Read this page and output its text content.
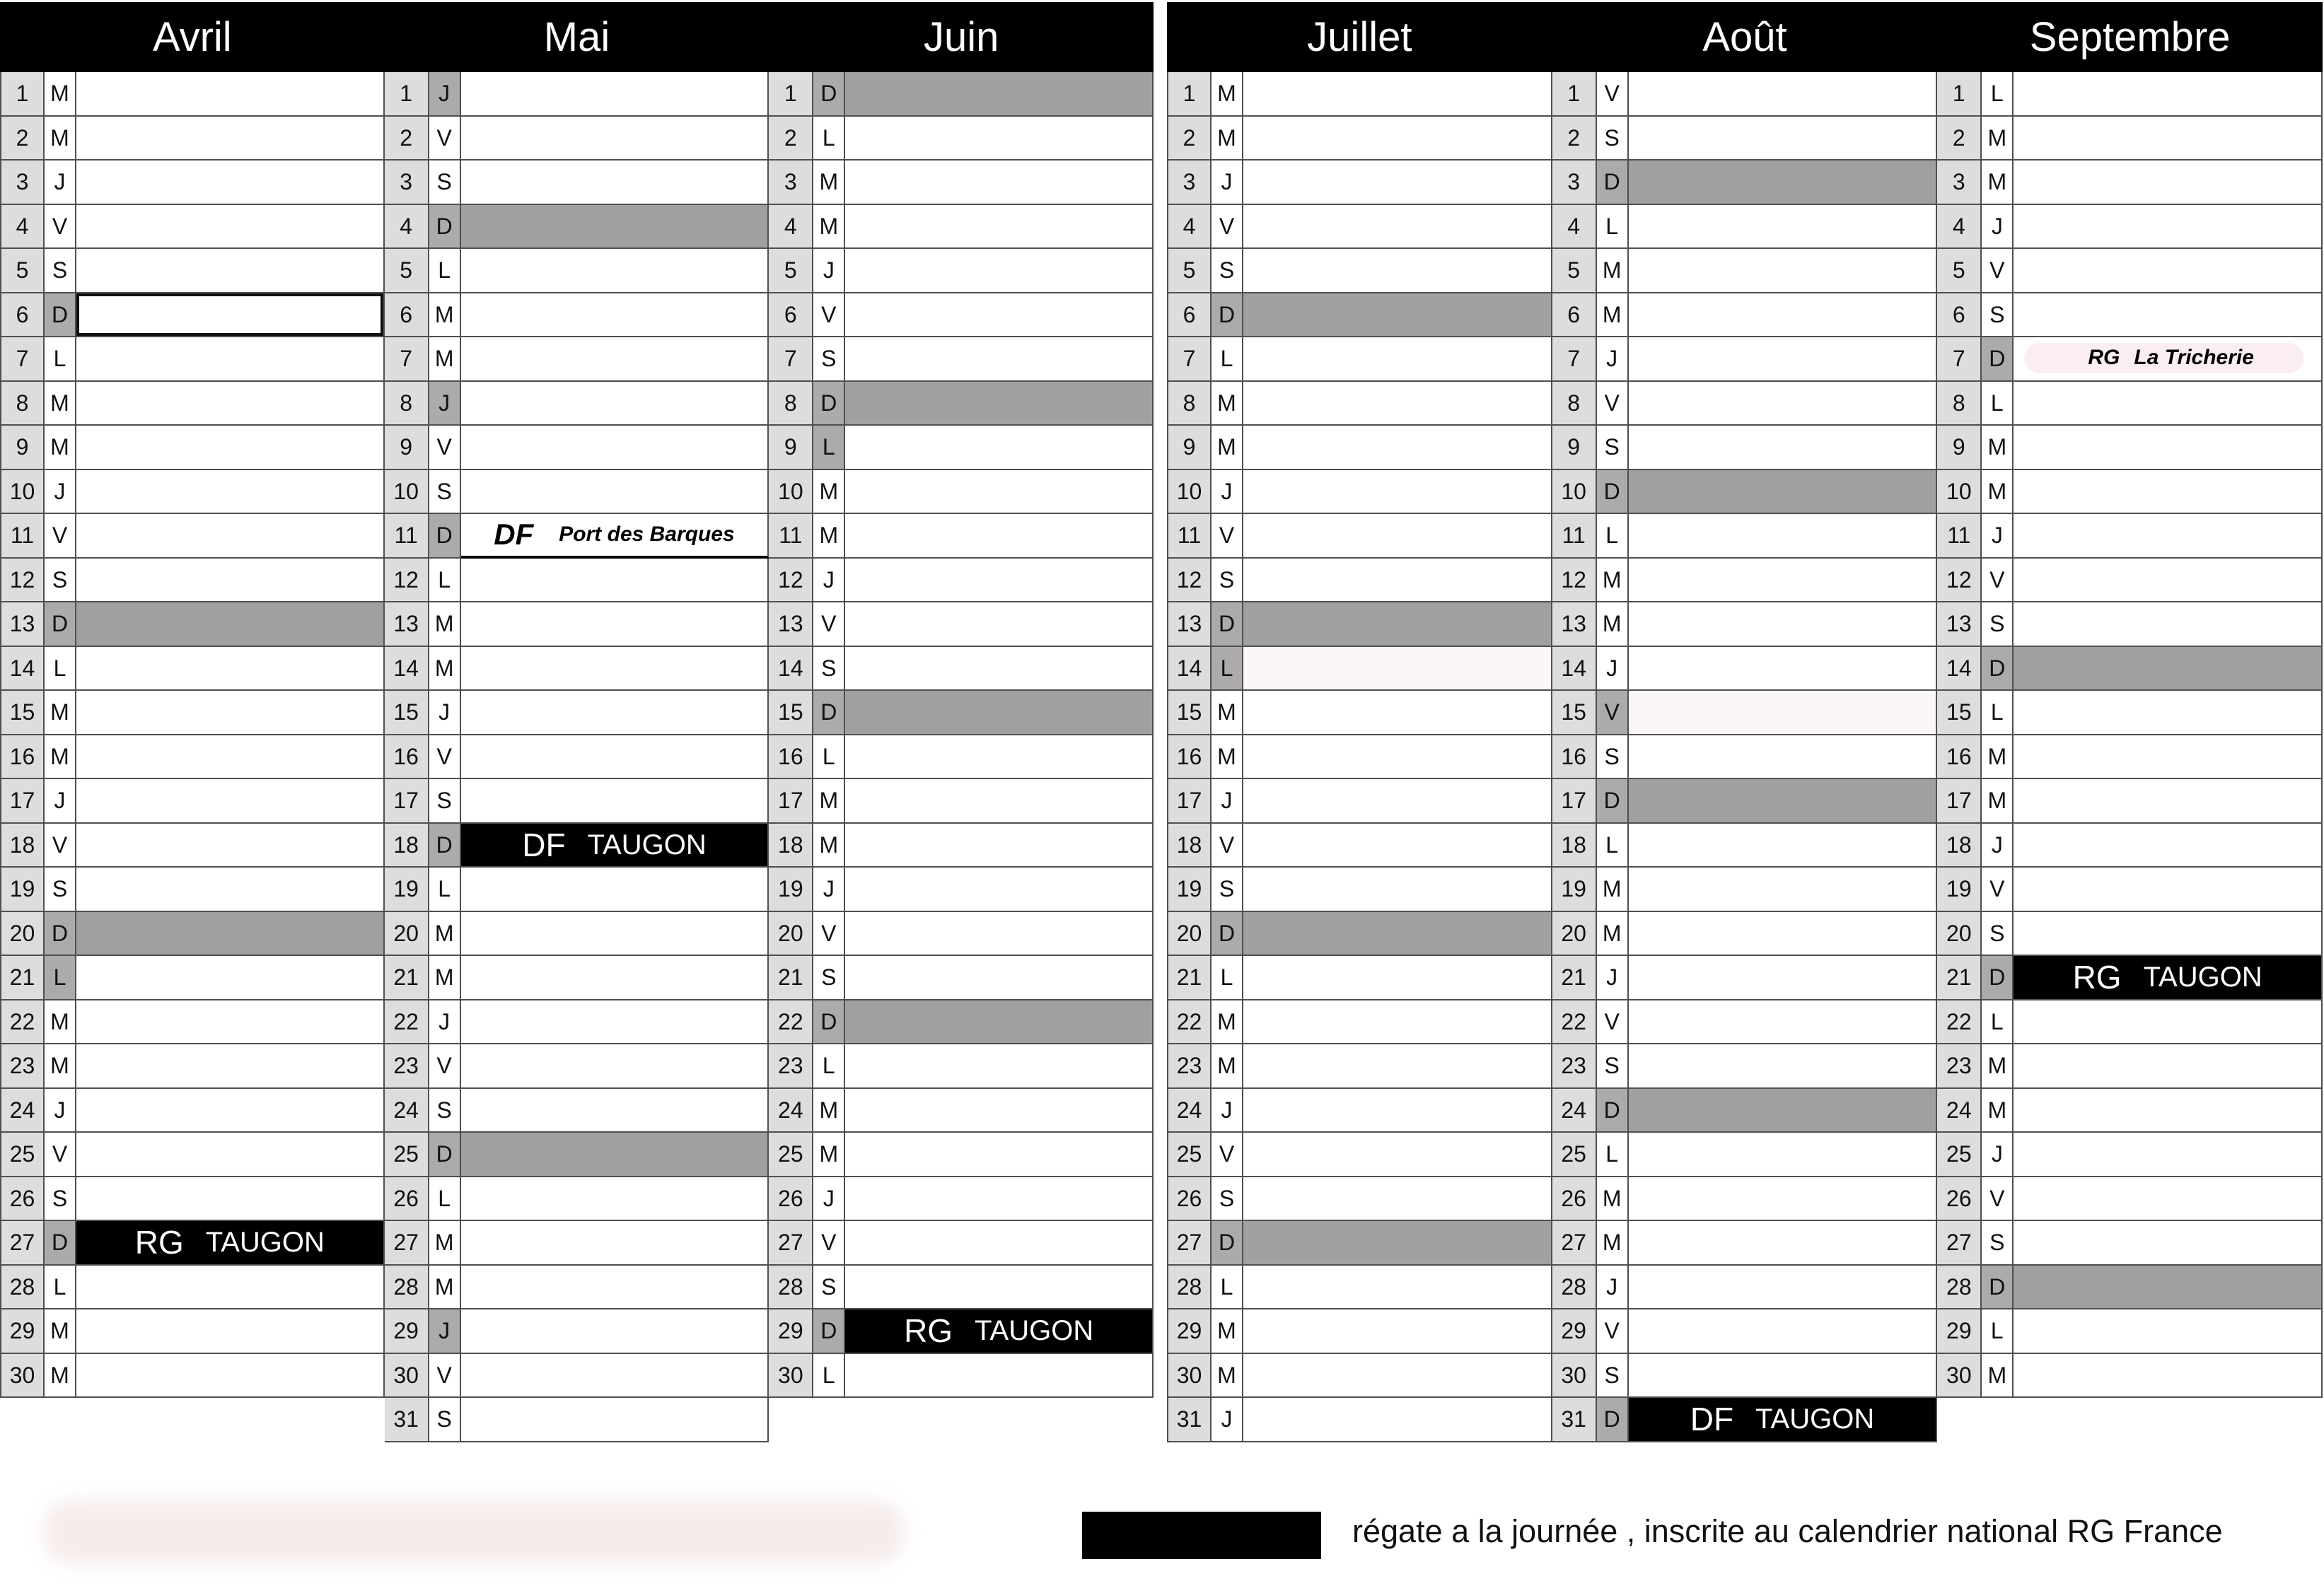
Avril	Mai	Juin
1 M
2 M
3	J
4	V
5	S
6	D
7	L
8 M
9 M
10 J
11 V
12 S
13 D
14 L
15 M
16 M
17 J
18 V
19 S
20 D
21 L
22 M
23 M
24 J
25 V
26 S
27 D RG TAUGON
28 L
29 M
30 M
1	J
2	V
3	S
4	D
5	L
6 M
7 M
8	J
9	V
10 S
11 D DF Port des Barques
12 L
13 M
14 M
15 J
16 V
17 S
18 D DF TAUGON
19 L
20 M
21 M
22 J
23 V
24 S
25 D
26 L
27 M
28 M
29 J
30 V
31 S
1	D
2	L
3 M
4 M
5	J
6	V
7	S
8	D
9	L
10 M
11 M
12 J
13 V
14 S
15 D
16 L
17 M
18 M
19 J
20 V
21 S
22 D
23 L
24 M
25 M
26 J
27 V
28 S
29 D RG TAUGON
30 L
Juillet	Août	Septembre
1 M
2 M
3	J
4	V
5	S
6	D
7	L
8 M
9 M
10 J
11 V
12 S
13 D
14 L
15 M
16 M
17 J
18 V
19 S
20 D
21 L
22 M
23 M
24 J
25 V
26 S
27 D
28 L
29 M
30 M
31 J
1	V
2	S
3	D
4	L
5 M
6 M
7	J
8	V
9	S
10 D
11 L
12 M
13 M
14 J
15 V
16 S
17 D
18 L
19 M
20 M
21 J
22 V
23 S
24 D
25 L
26 M
27 M
28 J
29 V
30 S
31 D DF TAUGON
1	L
2 M
3 M
4	J
5	V
6	S
7	D	RG La Tricherie
8	L
9 M
10 M
11 J
12 V
13 S
14 D
15 L
16 M
17 M
18 J
19 V
20 S
21 D RG TAUGON
22 L
23 M
24 M
25 J
26 V
27 S
28 D
29 L
30 M
régate a la journée , inscrite au calendrier national RG France
